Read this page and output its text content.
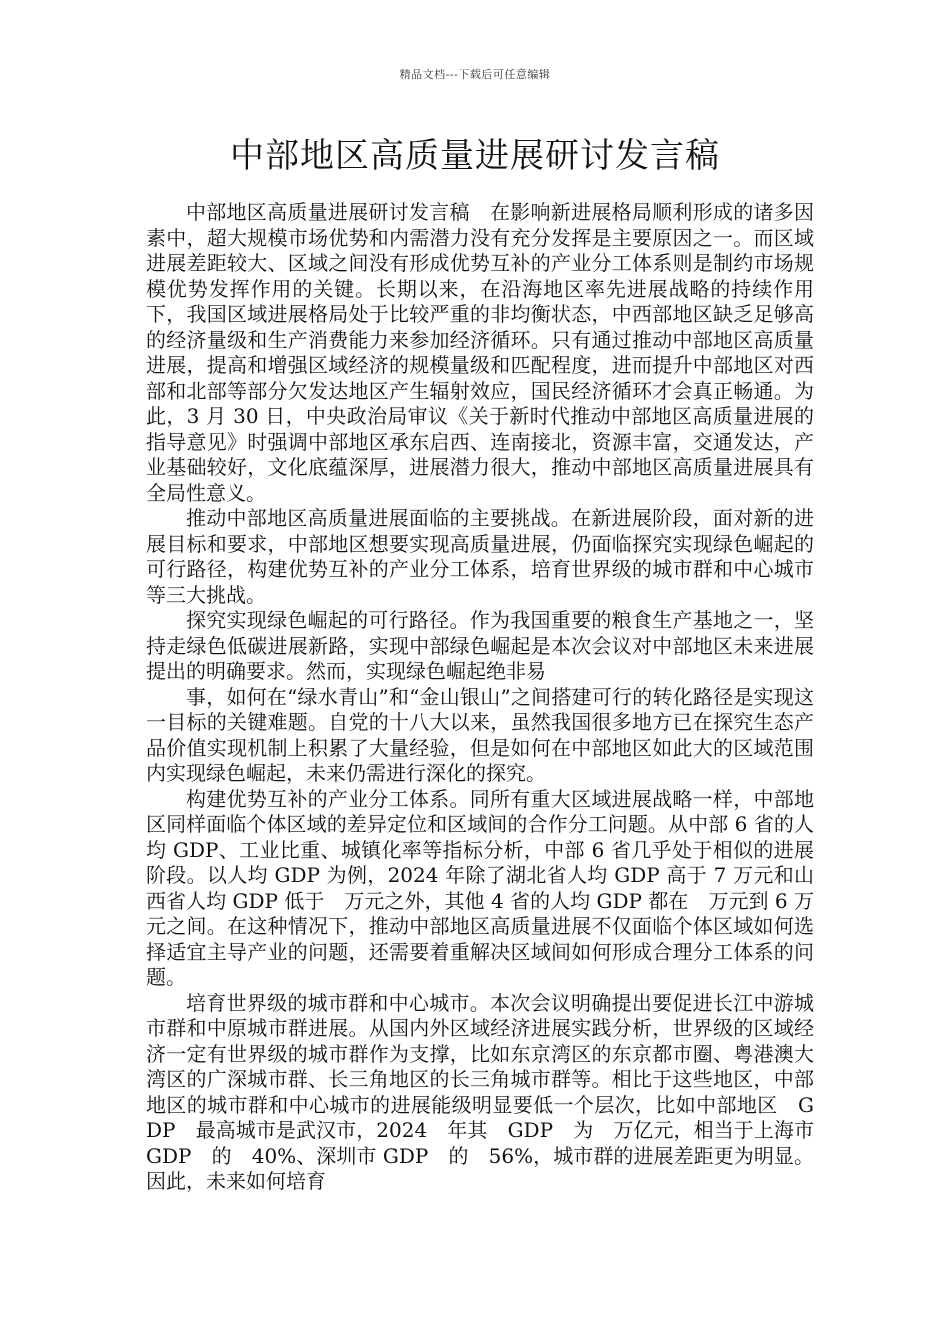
精品文档---下载后可任意编辑
中部地区高质量进展研讨发言稿

中部地区高质量进展研讨发言稿　在影响新进展格局顺利形成的诸多因素中，超大规模市场优势和内需潜力没有充分发挥是主要原因之一。而区域进展差距较大、区域之间没有形成优势互补的产业分工体系则是制约市场规模优势发挥作用的关键。长期以来，在沿海地区率先进展战略的持续作用下，我国区域进展格局处于比较严重的非均衡状态，中西部地区缺乏足够高的经济量级和生产消费能力来参加经济循环。只有通过推动中部地区高质量进展，提高和增强区域经济的规模量级和匹配程度，进而提升中部地区对西部和北部等部分欠发达地区产生辐射效应，国民经济循环才会真正畅通。为此，3 月 30 日，中央政治局审议《关于新时代推动中部地区高质量进展的指导意见》时强调中部地区承东启西、连南接北，资源丰富，交通发达，产业基础较好，文化底蕴深厚，进展潜力很大，推动中部地区高质量进展具有全局性意义。

推动中部地区高质量进展面临的主要挑战。在新进展阶段，面对新的进展目标和要求，中部地区想要实现高质量进展，仍面临探究实现绿色崛起的可行路径，构建优势互补的产业分工体系，培育世界级的城市群和中心城市等三大挑战。

探究实现绿色崛起的可行路径。作为我国重要的粮食生产基地之一，坚持走绿色低碳进展新路，实现中部绿色崛起是本次会议对中部地区未来进展提出的明确要求。然而，实现绿色崛起绝非易

事，如何在“绿水青山”和“金山银山”之间搭建可行的转化路径是实现这一目标的关键难题。自党的十八大以来，虽然我国很多地方已在探究生态产品价值实现机制上积累了大量经验，但是如何在中部地区如此大的区域范围内实现绿色崛起，未来仍需进行深化的探究。

构建优势互补的产业分工体系。同所有重大区域进展战略一样，中部地区同样面临个体区域的差异定位和区域间的合作分工问题。从中部 6 省的人均 GDP、工业比重、城镇化率等指标分析，中部 6 省几乎处于相似的进展阶段。以人均 GDP 为例，2024 年除了湖北省人均 GDP 高于 7 万元和山西省人均 GDP 低于　万元之外，其他 4 省的人均 GDP 都在　万元到 6 万元之间。在这种情况下，推动中部地区高质量进展不仅面临个体区域如何选择适宜主导产业的问题，还需要着重解决区域间如何形成合理分工体系的问题。

培育世界级的城市群和中心城市。本次会议明确提出要促进长江中游城市群和中原城市群进展。从国内外区域经济进展实践分析，世界级的区域经济一定有世界级的城市群作为支撑，比如东京湾区的东京都市圈、粤港澳大湾区的广深城市群、长三角地区的长三角城市群等。相比于这些地区，中部地区的城市群和中心城市的进展能级明显要低一个层次，比如中部地区　GDP　最高城市是武汉市，2024　年其　GDP　为　万亿元，相当于上海市　GDP　的　40%、深圳市 GDP　的　56%，城市群的进展差距更为明显。因此，未来如何培育
